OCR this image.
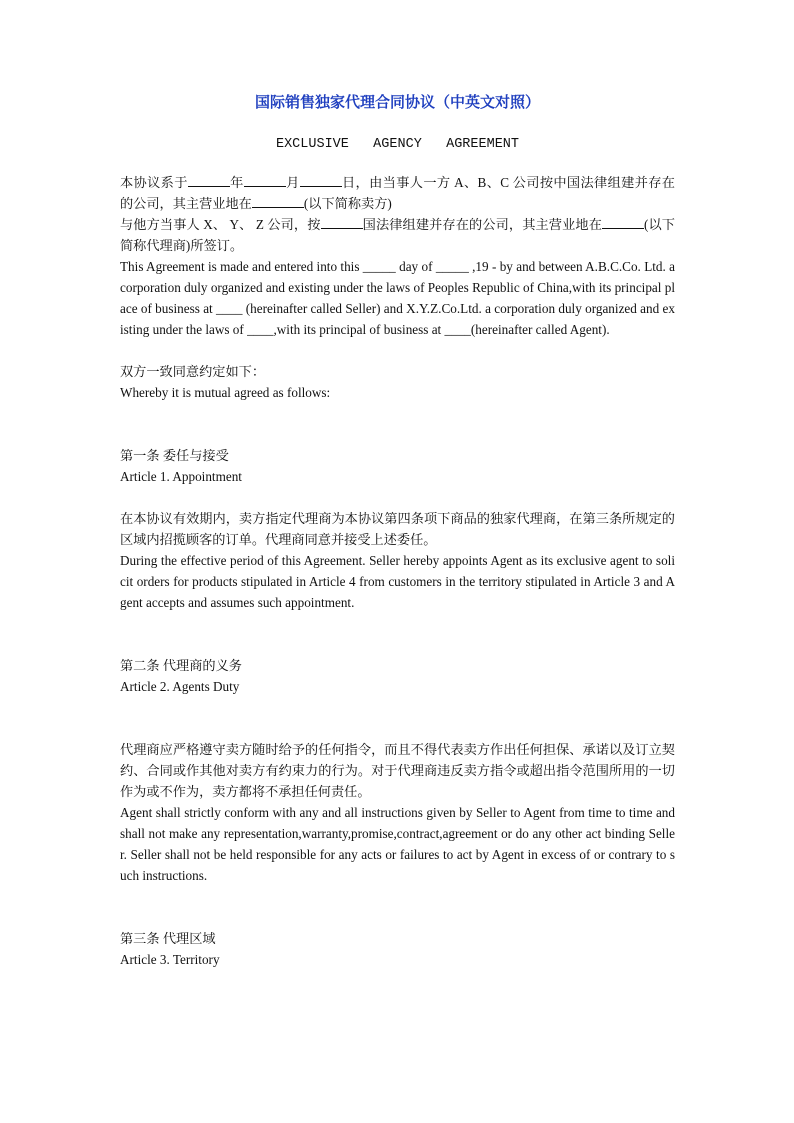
国际销售独家代理合同协议（中英文对照）
EXCLUSIVE   AGENCY   AGREEMENT

本协议系于	年	月	日，由当事人一方 A、B、C 公司按中国法律组建并存在的公司，其主营业地在	(以下简称卖方)

与他方当事人 X、 Y、 Z 公司，按	国法律组建并存在的公司，其主营业地在	(以下简称代理商)所签订。

This Agreement is made and entered into this _____ day of _____ ,19 - by and between A.B.C.Co. Ltd. a corporation duly organized and existing under the laws of Peoples Republic of China,with its principal place of business at ____ (hereinafter called Seller) and X.Y.Z.Co.Ltd. a corporation duly organized and existing under the laws of ____,with its principal of business at ____(hereinafter called Agent).

双方一致同意约定如下：

Whereby it is mutual agreed as follows:

第一条 委任与接受

Article 1. Appointment

在本协议有效期内，卖方指定代理商为本协议第四条项下商品的独家代理商，在第三条所规定的区域内招揽顾客的订单。代理商同意并接受上述委任。

During the effective period of this Agreement. Seller hereby appoints Agent as its exclusive agent to solicit orders for products stipulated in Article 4 from customers in the territory stipulated in Article 3 and Agent accepts and assumes such appointment.

第二条 代理商的义务

Article 2. Agents Duty

代理商应严格遵守卖方随时给予的任何指令，而且不得代表卖方作出任何担保、承诺以及订立契约、合同或作其他对卖方有约束力的行为。对于代理商违反卖方指令或超出指令范围所用的一切作为或不作为，卖方都将不承担任何责任。

Agent shall strictly conform with any and all instructions given by Seller to Agent from time to time and shall not make any representation,warranty,promise,contract,agreement or do any other act binding Seller. Seller shall not be held responsible for any acts or failures to act by Agent in excess of or contrary to such instructions.

第三条 代理区域

Article 3. Territory
